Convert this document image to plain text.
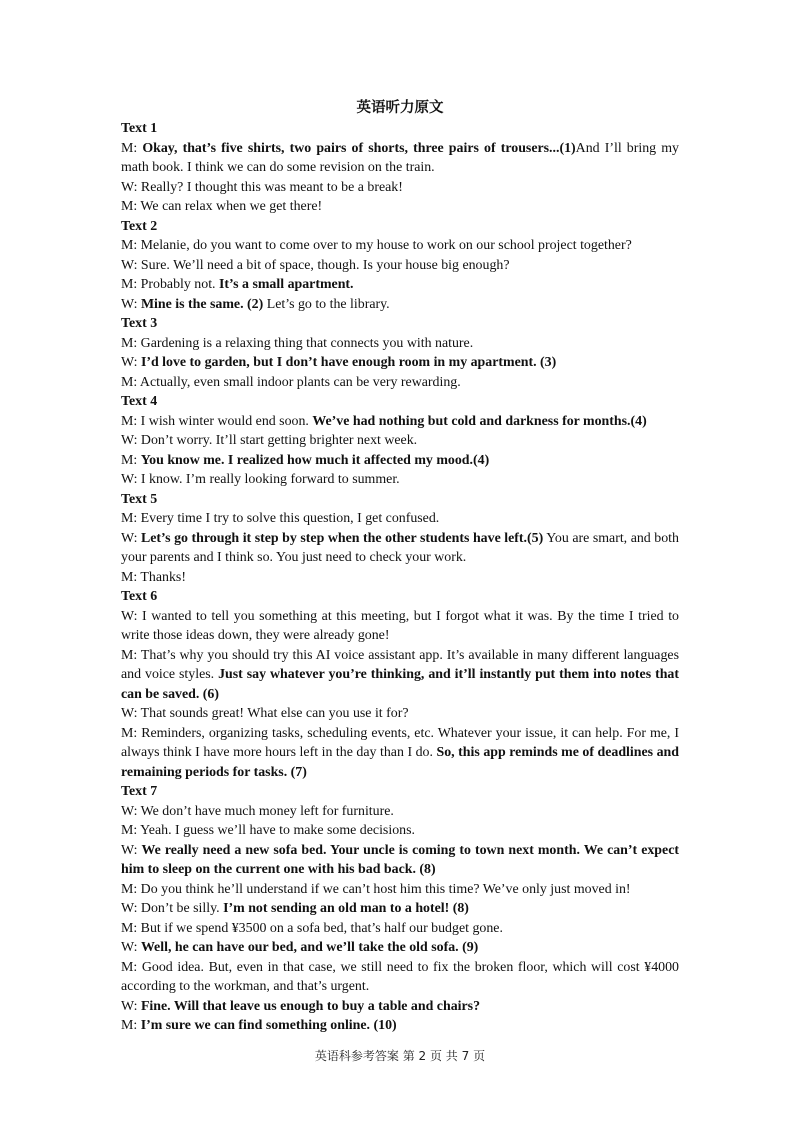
英语听力原文

Text 1

M: Okay, that’s five shirts, two pairs of shorts, three pairs of trousers...(1)And I’ll bring my math book. I think we can do some revision on the train.

W: Really? I thought this was meant to be a break!

M: We can relax when we get there!

Text 2

M: Melanie, do you want to come over to my house to work on our school project together?

W: Sure. We’ll need a bit of space, though. Is your house big enough?

M: Probably not. It’s a small apartment.

W: Mine is the same. (2) Let’s go to the library.

Text 3

M: Gardening is a relaxing thing that connects you with nature.

W: I’d love to garden, but I don’t have enough room in my apartment. (3)

M: Actually, even small indoor plants can be very rewarding.

Text 4

M: I wish winter would end soon. We’ve had nothing but cold and darkness for months.(4)

W: Don’t worry. It’ll start getting brighter next week.

M: You know me. I realized how much it affected my mood.(4)

W: I know. I’m really looking forward to summer.

Text 5

M: Every time I try to solve this question, I get confused.

W: Let’s go through it step by step when the other students have left.(5) You are smart, and both your parents and I think so. You just need to check your work.

M: Thanks!

Text 6

W: I wanted to tell you something at this meeting, but I forgot what it was. By the time I tried to write those ideas down, they were already gone!

M: That’s why you should try this AI voice assistant app. It’s available in many different languages and voice styles. Just say whatever you’re thinking, and it’ll instantly put them into notes that can be saved. (6)

W: That sounds great! What else can you use it for?

M: Reminders, organizing tasks, scheduling events, etc. Whatever your issue, it can help. For me, I always think I have more hours left in the day than I do. So, this app reminds me of deadlines and remaining periods for tasks. (7)

Text 7

W: We don’t have much money left for furniture.

M: Yeah. I guess we’ll have to make some decisions.

W: We really need a new sofa bed. Your uncle is coming to town next month. We can’t expect him to sleep on the current one with his bad back. (8)

M: Do you think he’ll understand if we can’t host him this time? We’ve only just moved in!

W: Don’t be silly. I’m not sending an old man to a hotel! (8)

M: But if we spend ¥3500 on a sofa bed, that’s half our budget gone.

W: Well, he can have our bed, and we’ll take the old sofa. (9)

M: Good idea. But, even in that case, we still need to fix the broken floor, which will cost ¥4000 according to the workman, and that’s urgent.

W: Fine. Will that leave us enough to buy a table and chairs?

M: I’m sure we can find something online. (10)

英语科参考答案 第 2 页 共 7 页
